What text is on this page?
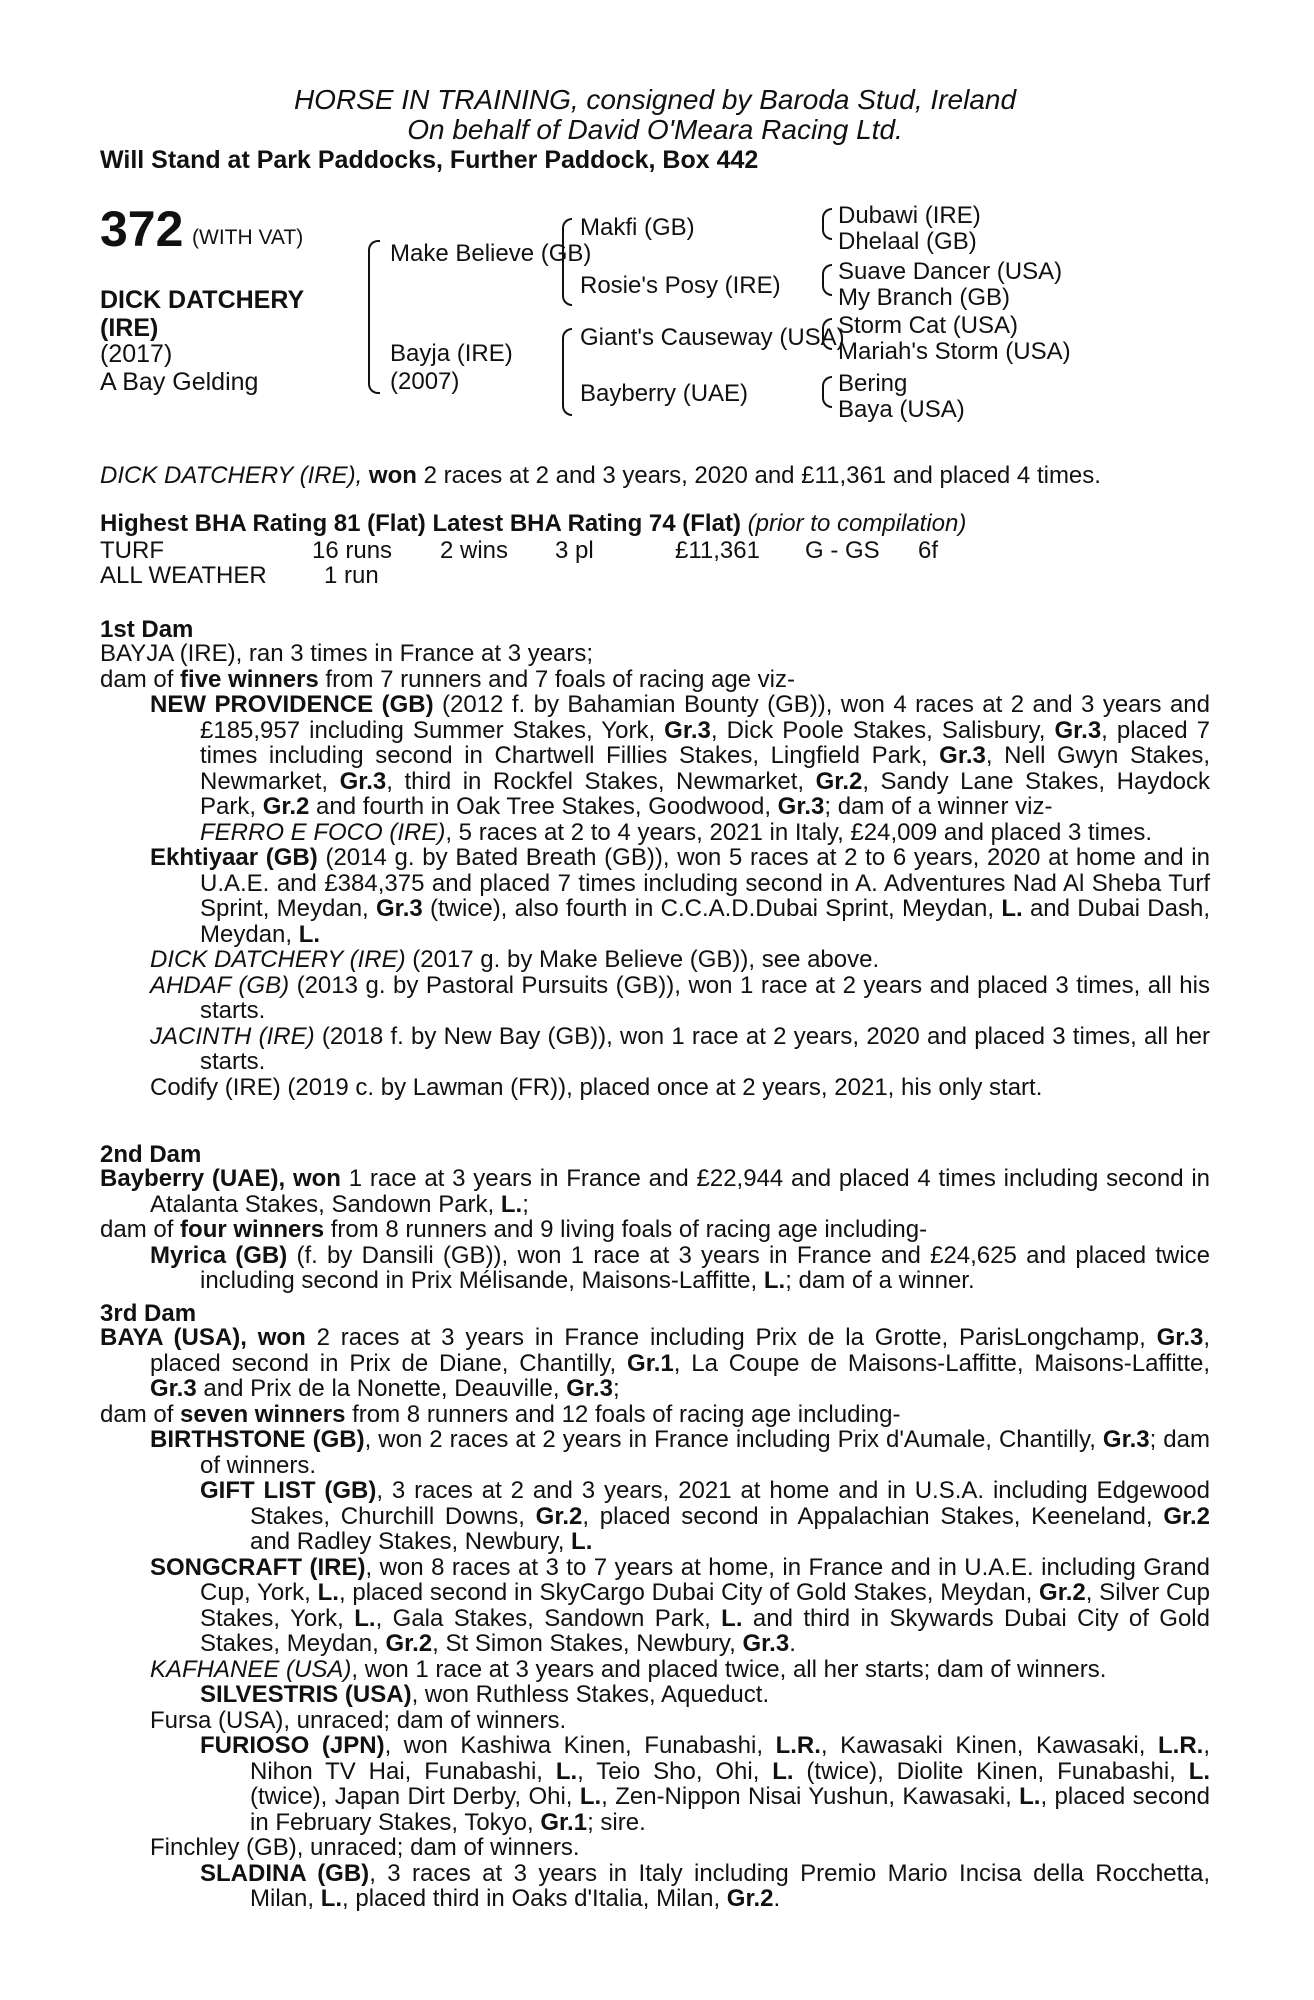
HORSE IN TRAINING, consigned by Baroda Stud, Ireland
On behalf of David O'Meara Racing Ltd.
Will Stand at Park Paddocks, Further Paddock, Box 442
372 (WITH VAT)
DICK DATCHERY (IRE)
(2017)
A Bay Gelding
Make Believe (GB)
Bayja (IRE)
(2007)
Makfi (GB)
Rosie's Posy (IRE)
Giant's Causeway (USA)
Bayberry (UAE)
Dubawi (IRE)
Dhelaal (GB)
Suave Dancer (USA)
My Branch (GB)
Storm Cat (USA)
Mariah's Storm (USA)
Bering
Baya (USA)
DICK DATCHERY (IRE), won 2 races at 2 and 3 years, 2020 and £11,361 and placed 4 times.
Highest BHA Rating 81 (Flat) Latest BHA Rating 74 (Flat) (prior to compilation)
TURF	16 runs 2 wins 3 pl	£11,361 G - GS 6f
ALL WEATHER 1 run
1st Dam

BAYJA (IRE), ran 3 times in France at 3 years;

dam of five winners from 7 runners and 7 foals of racing age viz-

NEW PROVIDENCE (GB) (2012 f. by Bahamian Bounty (GB)), won 4 races at 2 and 3 years and £185,957 including Summer Stakes, York, Gr.3, Dick Poole Stakes, Salisbury, Gr.3, placed 7 times including second in Chartwell Fillies Stakes, Lingfield Park, Gr.3, Nell Gwyn Stakes, Newmarket, Gr.3, third in Rockfel Stakes, Newmarket, Gr.2, Sandy Lane Stakes, Haydock Park, Gr.2 and fourth in Oak Tree Stakes, Goodwood, Gr.3; dam of a winner viz-

FERRO E FOCO (IRE), 5 races at 2 to 4 years, 2021 in Italy, £24,009 and placed 3 times.

Ekhtiyaar (GB) (2014 g. by Bated Breath (GB)), won 5 races at 2 to 6 years, 2020 at home and in U.A.E. and £384,375 and placed 7 times including second in A. Adventures Nad Al Sheba Turf Sprint, Meydan, Gr.3 (twice), also fourth in C.C.A.D.Dubai Sprint, Meydan, L. and Dubai Dash, Meydan, L.

DICK DATCHERY (IRE) (2017 g. by Make Believe (GB)), see above.

AHDAF (GB) (2013 g. by Pastoral Pursuits (GB)), won 1 race at 2 years and placed 3 times, all his starts.

JACINTH (IRE) (2018 f. by New Bay (GB)), won 1 race at 2 years, 2020 and placed 3 times, all her starts.

Codify (IRE) (2019 c. by Lawman (FR)), placed once at 2 years, 2021, his only start.

2nd Dam

Bayberry (UAE), won 1 race at 3 years in France and £22,944 and placed 4 times including second in Atalanta Stakes, Sandown Park, L.;

dam of four winners from 8 runners and 9 living foals of racing age including-

Myrica (GB) (f. by Dansili (GB)), won 1 race at 3 years in France and £24,625 and placed twice including second in Prix Mélisande, Maisons-Laffitte, L.; dam of a winner.

3rd Dam

BAYA (USA), won 2 races at 3 years in France including Prix de la Grotte, ParisLongchamp, Gr.3, placed second in Prix de Diane, Chantilly, Gr.1, La Coupe de Maisons-Laffitte, Maisons-Laffitte, Gr.3 and Prix de la Nonette, Deauville, Gr.3;

dam of seven winners from 8 runners and 12 foals of racing age including-

BIRTHSTONE (GB), won 2 races at 2 years in France including Prix d'Aumale, Chantilly, Gr.3; dam of winners.

GIFT LIST (GB), 3 races at 2 and 3 years, 2021 at home and in U.S.A. including Edgewood Stakes, Churchill Downs, Gr.2, placed second in Appalachian Stakes, Keeneland, Gr.2 and Radley Stakes, Newbury, L.

SONGCRAFT (IRE), won 8 races at 3 to 7 years at home, in France and in U.A.E. including Grand Cup, York, L., placed second in SkyCargo Dubai City of Gold Stakes, Meydan, Gr.2, Silver Cup Stakes, York, L., Gala Stakes, Sandown Park, L. and third in Skywards Dubai City of Gold Stakes, Meydan, Gr.2, St Simon Stakes, Newbury, Gr.3.

KAFHANEE (USA), won 1 race at 3 years and placed twice, all her starts; dam of winners.

SILVESTRIS (USA), won Ruthless Stakes, Aqueduct.

Fursa (USA), unraced; dam of winners.

FURIOSO (JPN), won Kashiwa Kinen, Funabashi, L.R., Kawasaki Kinen, Kawasaki, L.R., Nihon TV Hai, Funabashi, L., Teio Sho, Ohi, L. (twice), Diolite Kinen, Funabashi, L. (twice), Japan Dirt Derby, Ohi, L., Zen-Nippon Nisai Yushun, Kawasaki, L., placed second in February Stakes, Tokyo, Gr.1; sire.

Finchley (GB), unraced; dam of winners.

SLADINA (GB), 3 races at 3 years in Italy including Premio Mario Incisa della Rocchetta, Milan, L., placed third in Oaks d'Italia, Milan, Gr.2.
